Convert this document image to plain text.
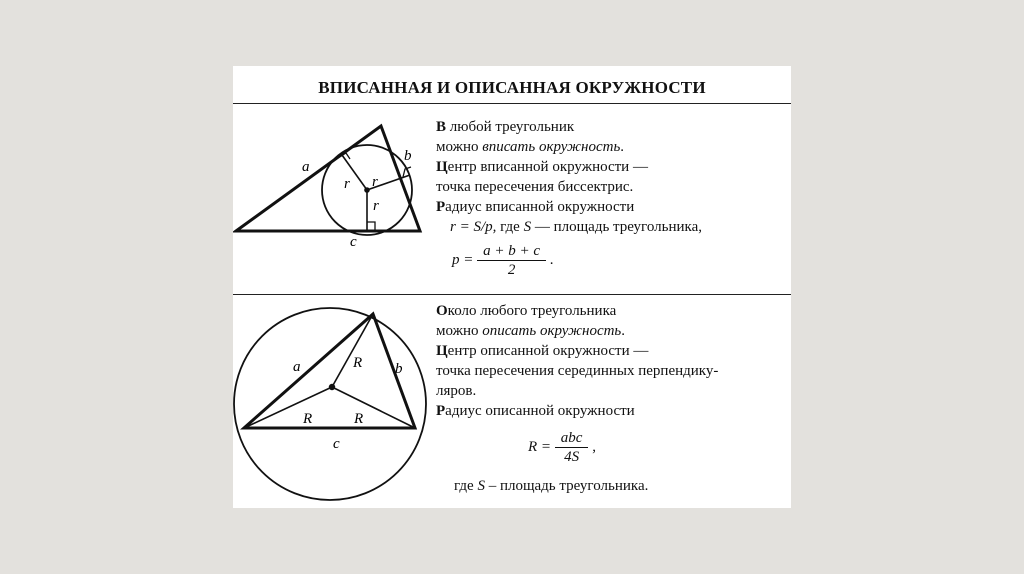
ВПИСАННАЯ И ОПИСАННАЯ ОКРУЖНОСТИ
a
b
c
r r
r
В любой треугольник
можно вписать окружность.
Центр вписанной окружности —
точка пересечения биссектрис.
Радиус вписанной окружности
r = S/p, где S — площадь треугольника,
$p = \frac{a + b + c}{2}$ .
a	b
c
R
R	R
Около любого треугольника
можно описать окружность.
Центр описанной окружности —
точка пересечения серединных перпендику-
ляров.
Радиус описанной окружности
$R = \frac{\text{abc}}{4S}$ ,
где S – площадь треугольника.
